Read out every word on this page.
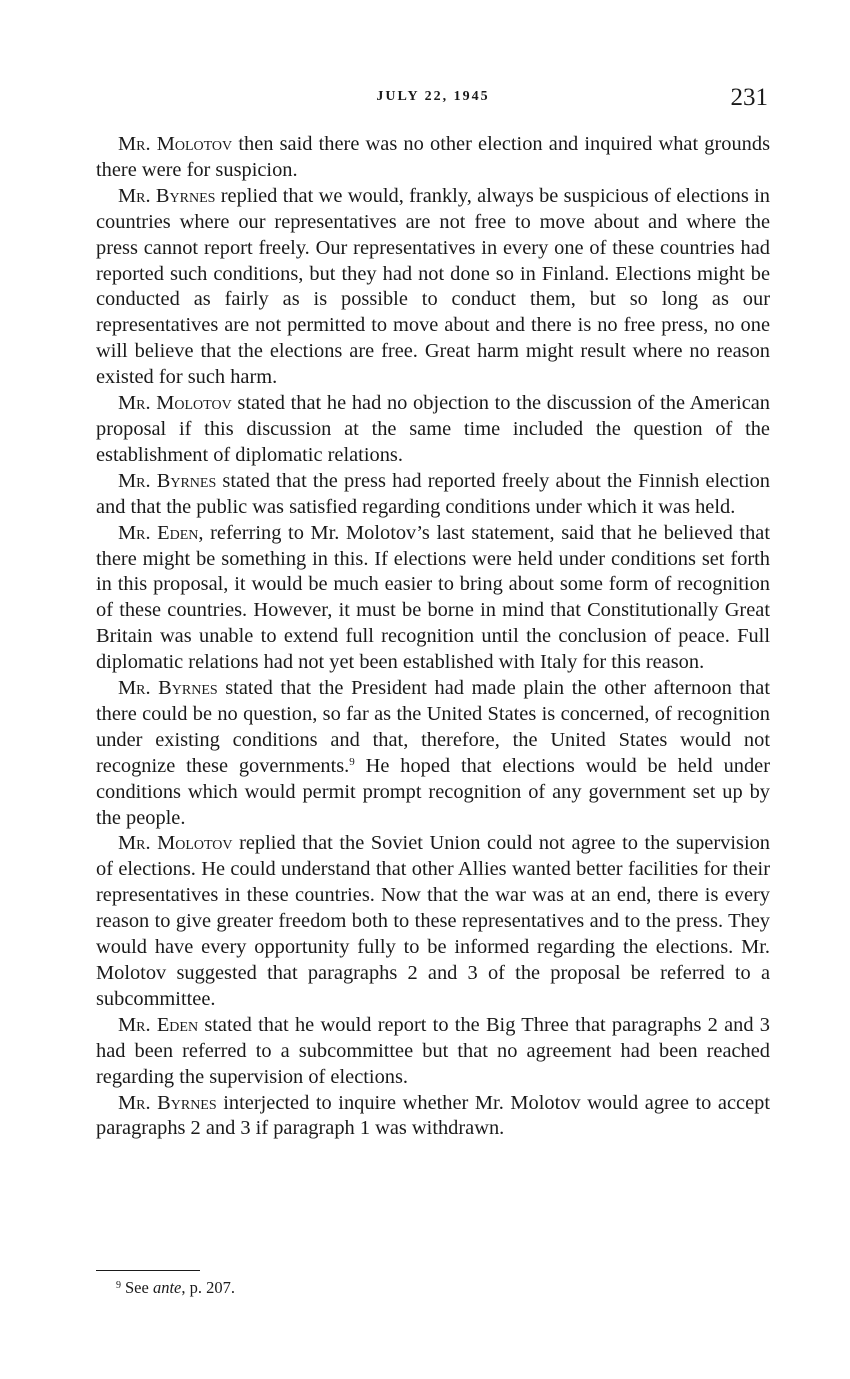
JULY 22, 1945	231

Mr. Molotov then said there was no other election and inquired what grounds there were for suspicion.

Mr. Byrnes replied that we would, frankly, always be suspicious of elections in countries where our representatives are not free to move about and where the press cannot report freely. Our representatives in every one of these countries had reported such conditions, but they had not done so in Finland. Elections might be conducted as fairly as is possible to conduct them, but so long as our representatives are not permitted to move about and there is no free press, no one will believe that the elections are free. Great harm might result where no reason existed for such harm.

Mr. Molotov stated that he had no objection to the discussion of the American proposal if this discussion at the same time included the question of the establishment of diplomatic relations.

Mr. Byrnes stated that the press had reported freely about the Finnish election and that the public was satisfied regarding conditions under which it was held.

Mr. Eden, referring to Mr. Molotov’s last statement, said that he believed that there might be something in this. If elections were held under conditions set forth in this proposal, it would be much easier to bring about some form of recognition of these countries. However, it must be borne in mind that Constitutionally Great Britain was unable to extend full recognition until the conclusion of peace. Full diplomatic relations had not yet been established with Italy for this reason.

Mr. Byrnes stated that the President had made plain the other afternoon that there could be no question, so far as the United States is concerned, of recognition under existing conditions and that, therefore, the United States would not recognize these governments.$^9$ He hoped that elections would be held under conditions which would permit prompt recognition of any government set up by the people.

Mr. Molotov replied that the Soviet Union could not agree to the supervision of elections. He could understand that other Allies wanted better facilities for their representatives in these countries. Now that the war was at an end, there is every reason to give greater freedom both to these representatives and to the press. They would have every opportunity fully to be informed regarding the elections. Mr. Molotov suggested that paragraphs 2 and 3 of the proposal be referred to a subcommittee.

Mr. Eden stated that he would report to the Big Three that paragraphs 2 and 3 had been referred to a subcommittee but that no agreement had been reached regarding the supervision of elections.

Mr. Byrnes interjected to inquire whether Mr. Molotov would agree to accept paragraphs 2 and 3 if paragraph 1 was withdrawn.

$^9$ See ante, p. 207.
